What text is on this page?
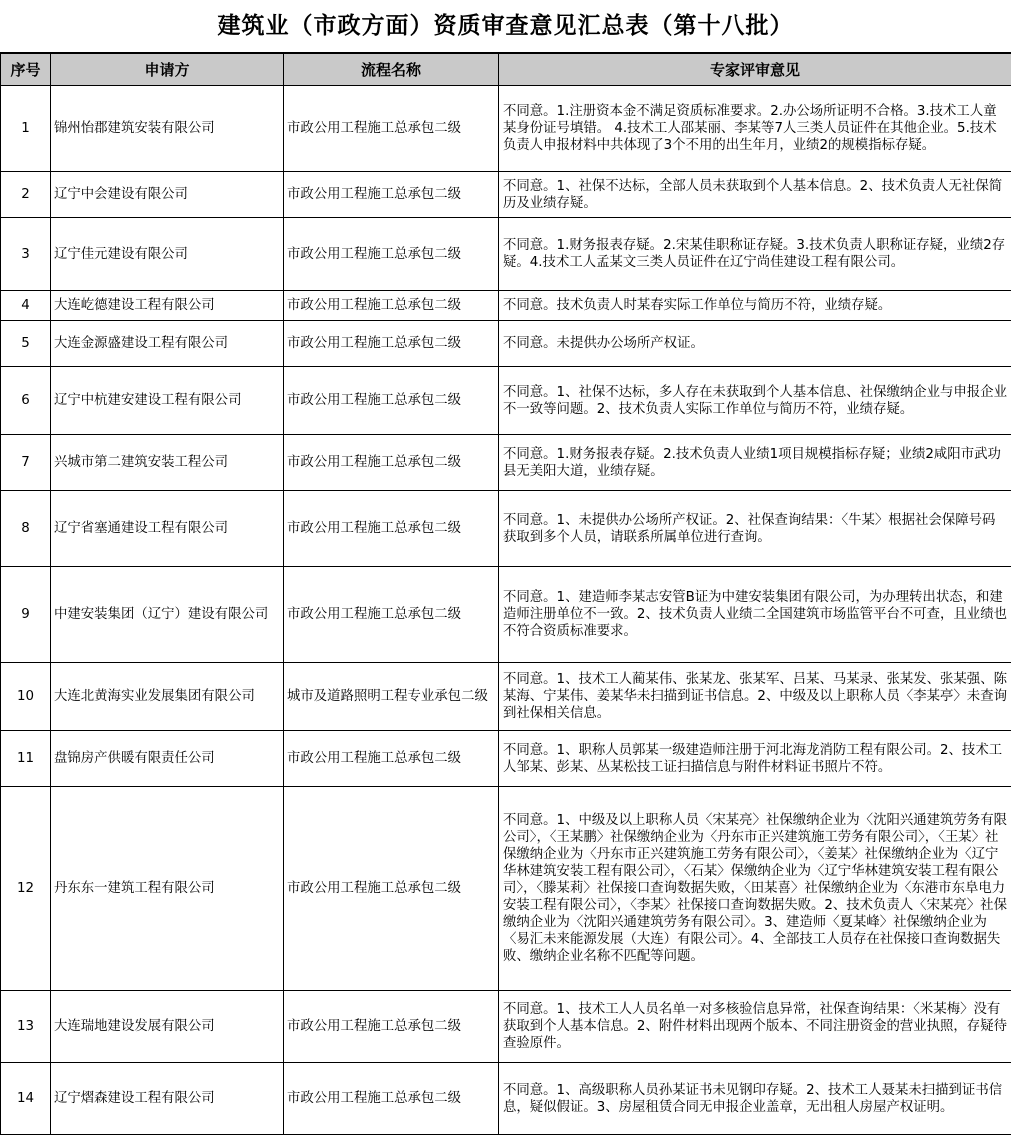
建筑业（市政方面）资质审查意见汇总表（第十八批）
序号	申请方	流程名称	专家评审意见
1	锦州怡郡建筑安装有限公司	市政公用工程施工总承包二级	不同意。1.注册资本金不满足资质标准要求。2.办公场所证明不合格。3.技术工人童某身份证号填错。 4.技术工人邵某丽、李某等7人三类人员证件在其他企业。5.技术负责人申报材料中共体现了3个不用的出生年月，业绩2的规模指标存疑。
2	辽宁中会建设有限公司	市政公用工程施工总承包二级	不同意。1、社保不达标，全部人员未获取到个人基本信息。2、技术负责人无社保简历及业绩存疑。
3	辽宁佳元建设有限公司	市政公用工程施工总承包二级	不同意。1.财务报表存疑。2.宋某佳职称证存疑。3.技术负责人职称证存疑，业绩2存疑。4.技术工人孟某文三类人员证件在辽宁尚佳建设工程有限公司。
4	大连屹德建设工程有限公司	市政公用工程施工总承包二级	不同意。技术负责人时某春实际工作单位与简历不符，业绩存疑。
5	大连金源盛建设工程有限公司	市政公用工程施工总承包二级	不同意。未提供办公场所产权证。
6	辽宁中杭建安建设工程有限公司	市政公用工程施工总承包二级	不同意。1、社保不达标，多人存在未获取到个人基本信息、社保缴纳企业与申报企业不一致等问题。2、技术负责人实际工作单位与简历不符，业绩存疑。
7	兴城市第二建筑安装工程公司	市政公用工程施工总承包二级	不同意。1.财务报表存疑。2.技术负责人业绩1项目规模指标存疑；业绩2咸阳市武功县无美阳大道，业绩存疑。
8	辽宁省塞通建设工程有限公司	市政公用工程施工总承包二级	不同意。1、未提供办公场所产权证。2、社保查询结果：〈牛某〉根据社会保障号码获取到多个人员，请联系所属单位进行查询。
9	中建安装集团（辽宁）建设有限公司	市政公用工程施工总承包二级	不同意。1、建造师李某志安管B证为中建安装集团有限公司，为办理转出状态，和建造师注册单位不一致。2、技术负责人业绩二全国建筑市场监管平台不可查，且业绩也不符合资质标准要求。
10	大连北黄海实业发展集团有限公司	城市及道路照明工程专业承包二级	不同意。1、技术工人蔺某伟、张某龙、张某军、吕某、马某录、张某发、张某强、陈某海、宁某伟、姜某华未扫描到证书信息。2、中级及以上职称人员〈李某亭〉未查询到社保相关信息。
11	盘锦房产供暖有限责任公司	市政公用工程施工总承包二级	不同意。1、职称人员郭某一级建造师注册于河北海龙消防工程有限公司。2、技术工人邹某、彭某、丛某松技工证扫描信息与附件材料证书照片不符。
12	丹东东一建筑工程有限公司	市政公用工程施工总承包二级	不同意。1、中级及以上职称人员〈宋某亮〉社保缴纳企业为〈沈阳兴通建筑劳务有限公司〉，〈王某鹏〉社保缴纳企业为〈丹东市正兴建筑施工劳务有限公司〉，〈王某〉社保缴纳企业为〈丹东市正兴建筑施工劳务有限公司〉，〈姜某〉社保缴纳企业为〈辽宁华林建筑安装工程有限公司〉，〈石某〉保缴纳企业为〈辽宁华林建筑安装工程有限公司〉，〈滕某莉〉社保接口查询数据失败，〈田某喜〉社保缴纳企业为〈东港市东阜电力安装工程有限公司〉，〈李某〉社保接口查询数据失败。2、技术负责人〈宋某亮〉社保缴纳企业为〈沈阳兴通建筑劳务有限公司〉。3、建造师〈夏某峰〉社保缴纳企业为〈易汇未来能源发展（大连）有限公司〉。4、全部技工人员存在社保接口查询数据失败、缴纳企业名称不匹配等问题。
13	大连瑞地建设发展有限公司	市政公用工程施工总承包二级	不同意。1、技术工人人员名单一对多核验信息异常，社保查询结果：〈米某梅〉没有获取到个人基本信息。2、附件材料出现两个版本、不同注册资金的营业执照，存疑待查验原件。
14	辽宁熠森建设工程有限公司	市政公用工程施工总承包二级	不同意。1、高级职称人员孙某证书未见钢印存疑。2、技术工人聂某未扫描到证书信息，疑似假证。3、房屋租赁合同无申报企业盖章，无出租人房屋产权证明。
